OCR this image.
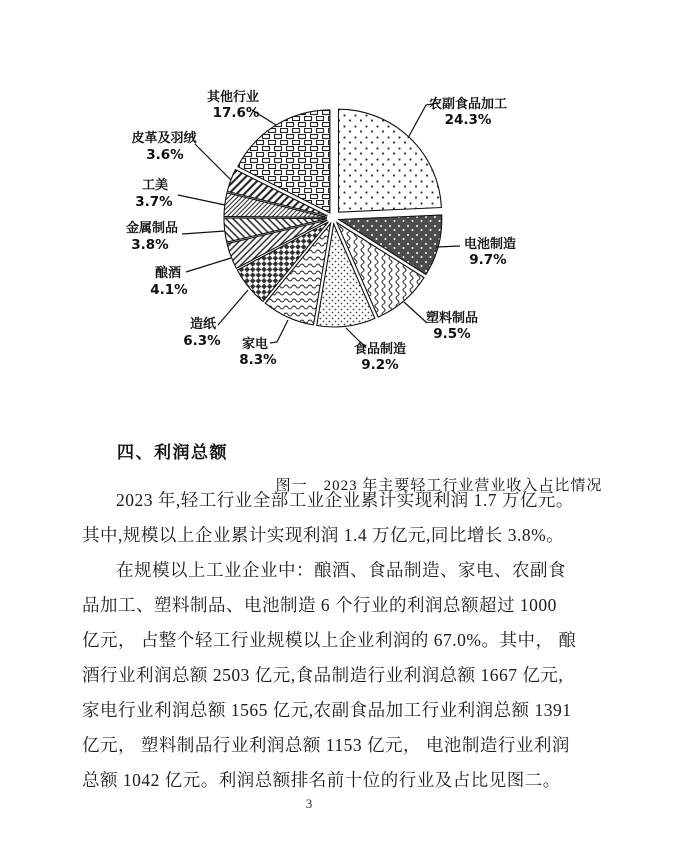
农副食品加工
24.3%
电池制造
9.7%
塑料制品
9.5%
食品制造
9.2%
家电
8.3%
造纸
6.3%
酿酒
4.1%
金属制品
3.8%
工美
3.7%
皮革及羽绒
3.6%
其他行业
17.6%
图一　2023 年主要轻工行业营业收入占比情况
四、利润总额
2023 年,轻工行业全部工业企业累计实现利润 1.7 万亿元。
其中,规模以上企业累计实现利润 1.4 万亿元,同比增长 3.8%。
在规模以上工业企业中：酿酒、食品制造、家电、农副食
品加工、塑料制品、电池制造 6 个行业的利润总额超过 1000
亿元， 占整个轻工行业规模以上企业利润的 67.0%。其中， 酿
酒行业利润总额 2503 亿元,食品制造行业利润总额 1667 亿元,
家电行业利润总额 1565 亿元,农副食品加工行业利润总额 1391
亿元， 塑料制品行业利润总额 1153 亿元， 电池制造行业利润
总额 1042 亿元。利润总额排名前十位的行业及占比见图二。
3
